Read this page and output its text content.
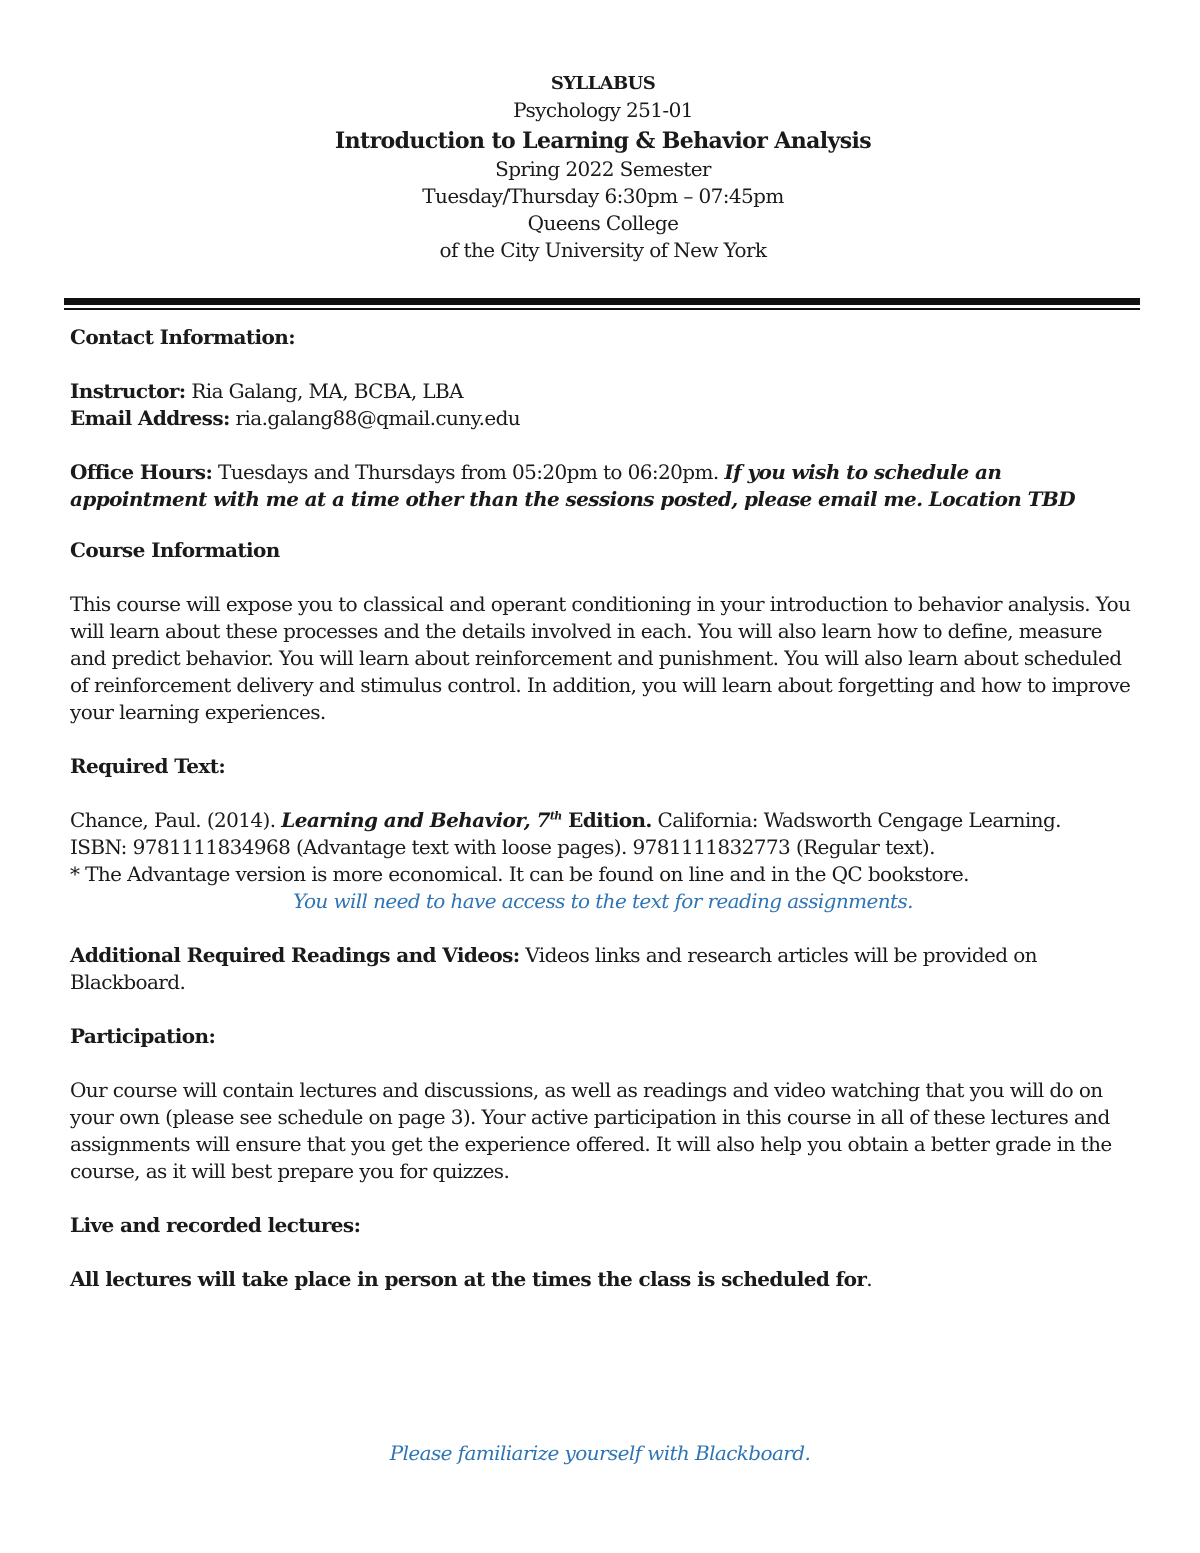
SYLLABUS
Psychology 251-01
Introduction to Learning & Behavior Analysis
Spring 2022 Semester
Tuesday/Thursday 6:30pm – 07:45pm
Queens College
of the City University of New York

Contact Information:

Instructor: Ria Galang, MA, BCBA, LBA

Email Address: ria.galang88@qmail.cuny.edu

Office Hours: Tuesdays and Thursdays from 05:20pm to 06:20pm. If you wish to schedule an appointment with me at a time other than the sessions posted, please email me. Location TBD

Course Information

This course will expose you to classical and operant conditioning in your introduction to behavior analysis. You will learn about these processes and the details involved in each. You will also learn how to define, measure and predict behavior. You will learn about reinforcement and punishment. You will also learn about scheduled of reinforcement delivery and stimulus control. In addition, you will learn about forgetting and how to improve your learning experiences.

Required Text:

Chance, Paul. (2014). Learning and Behavior, 7th Edition. California: Wadsworth Cengage Learning.

ISBN: 9781111834968 (Advantage text with loose pages). 9781111832773 (Regular text).

* The Advantage version is more economical. It can be found on line and in the QC bookstore.

You will need to have access to the text for reading assignments.

Additional Required Readings and Videos: Videos links and research articles will be provided on Blackboard.

Participation:

Our course will contain lectures and discussions, as well as readings and video watching that you will do on your own (please see schedule on page 3). Your active participation in this course in all of these lectures and assignments will ensure that you get the experience offered. It will also help you obtain a better grade in the course, as it will best prepare you for quizzes.

Live and recorded lectures:

All lectures will take place in person at the times the class is scheduled for.

Please familiarize yourself with Blackboard.
